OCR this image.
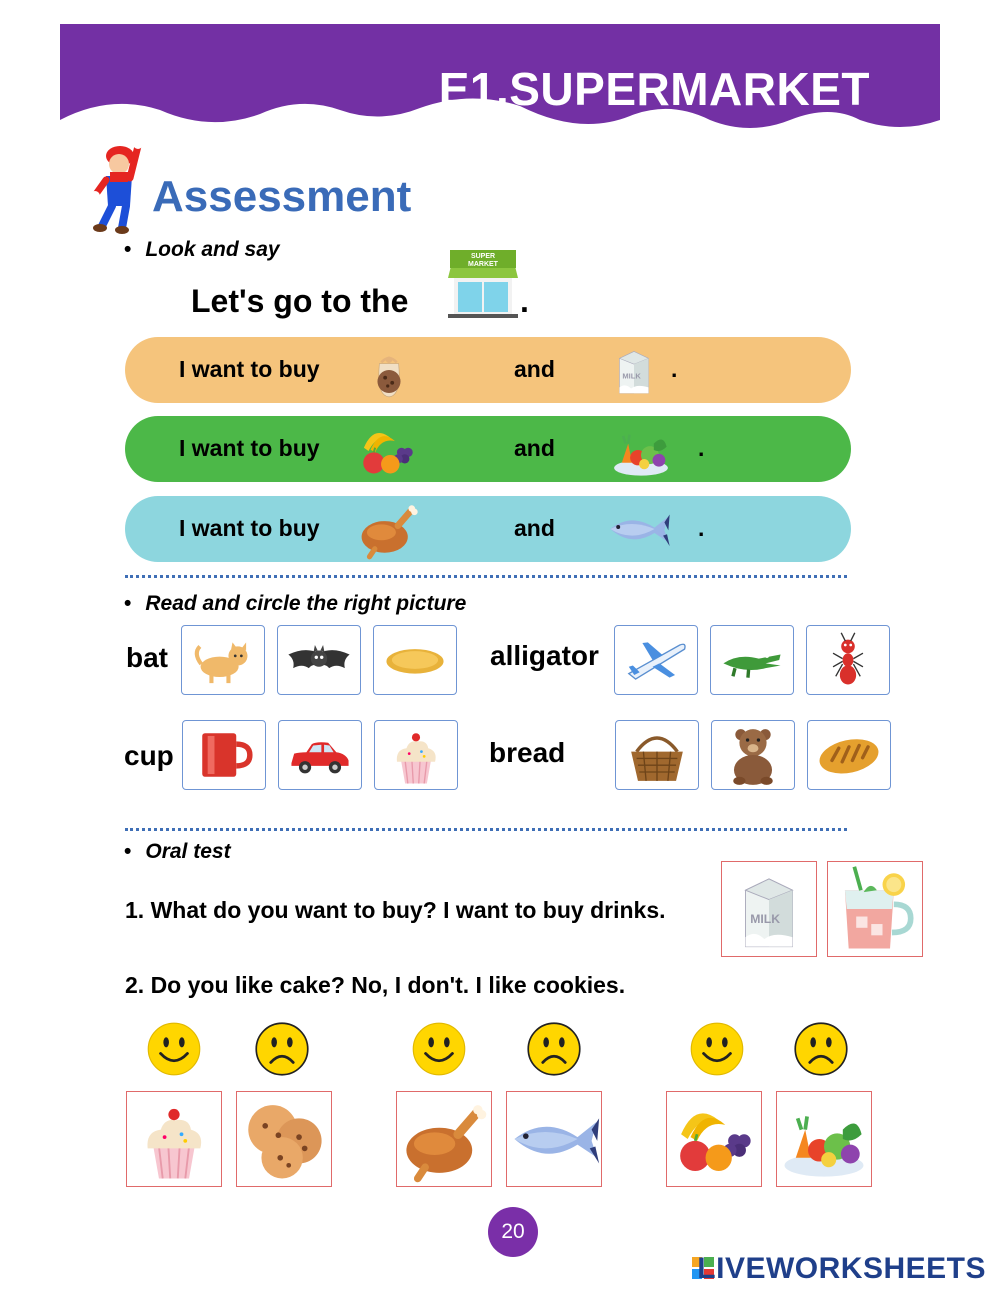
E1.SUPERMARKET
Assessment
• Look and say
Let's go to the
SUPER
MARKET
.
I want to buy	and	.
I want to buy	and	.
I want to buy	and	.
• Read and circle the right picture
bat	alligator
cup	bread
• Oral test
1. What do you want to buy? I want to buy drinks.
2. Do you like cake? No, I don't. I like cookies.
20
LIVEWORKSHEETS
